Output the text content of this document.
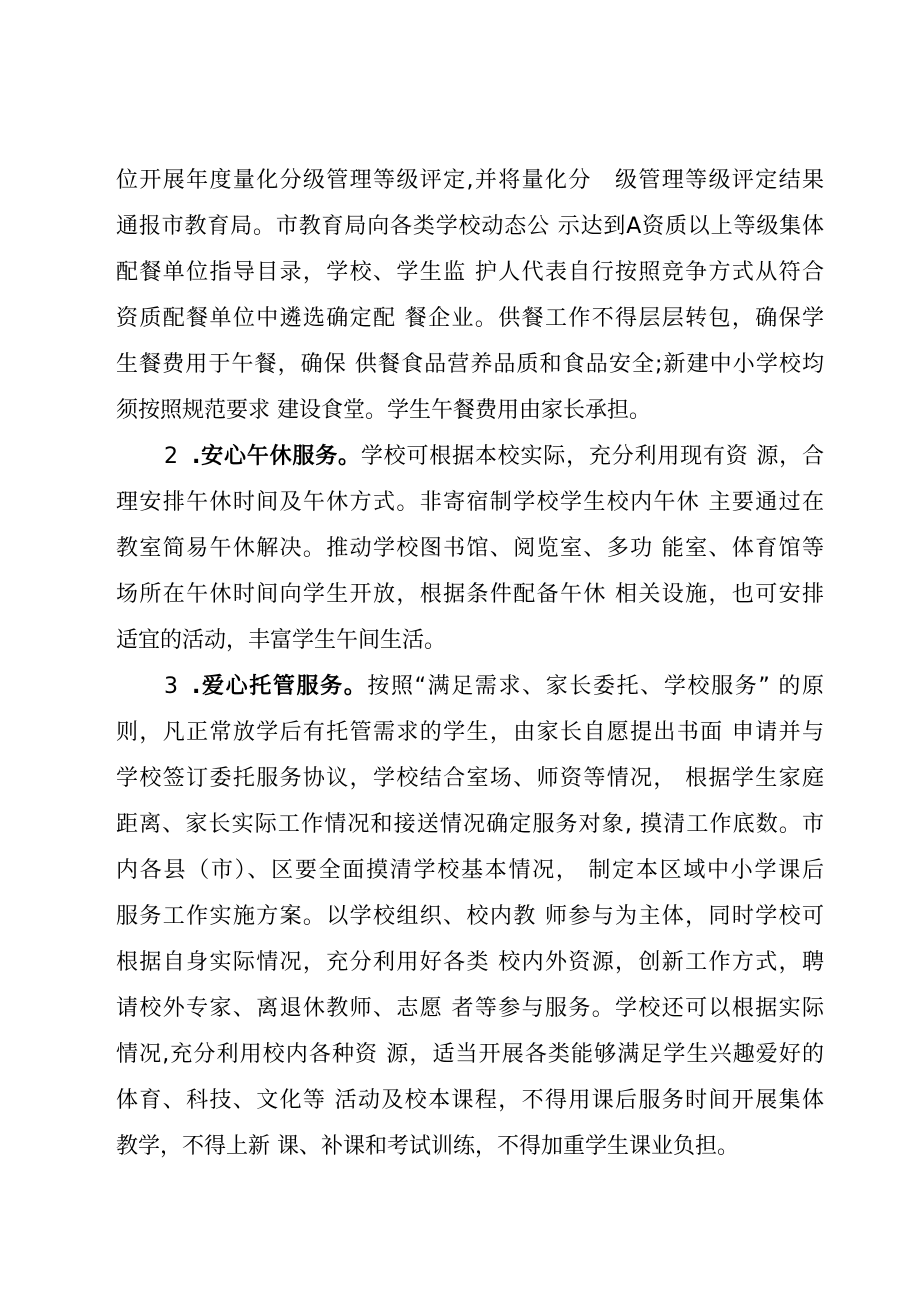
位开展年度量化分级管理等级评定,并将量化分　级管理等级评定结果
通报市教育局。市教育局向各类学校动态公 示达到A资质以上等级集体
配餐单位指导目录，学校、学生监 护人代表自行按照竞争方式从符合
资质配餐单位中遴选确定配 餐企业。供餐工作不得层层转包，确保学
生餐费用于午餐，确保 供餐食品营养品质和食品安全;新建中小学校均
须按照规范要求 建设食堂。学生午餐费用由家长承担。
2 .安心午休服务。学校可根据本校实际，充分利用现有资 源，合
理安排午休时间及午休方式。非寄宿制学校学生校内午休 主要通过在
教室简易午休解决。推动学校图书馆、阅览室、多功 能室、体育馆等
场所在午休时间向学生开放，根据条件配备午休 相关设施，也可安排
适宜的活动，丰富学生午间生活。
3 .爱心托管服务。按照“满足需求、家长委托、学校服务” 的原
则，凡正常放学后有托管需求的学生，由家长自愿提出书面 申请并与
学校签订委托服务协议，学校结合室场、师资等情况， 根据学生家庭
距离、家长实际工作情况和接送情况确定服务对象, 摸清工作底数。市
内各县（市）、区要全面摸清学校基本情况， 制定本区域中小学课后
服务工作实施方案。以学校组织、校内教 师参与为主体，同时学校可
根据自身实际情况，充分利用好各类 校内外资源，创新工作方式，聘
请校外专家、离退休教师、志愿 者等参与服务。学校还可以根据实际
情况,充分利用校内各种资 源，适当开展各类能够满足学生兴趣爱好的
体育、科技、文化等 活动及校本课程，不得用课后服务时间开展集体
教学，不得上新 课、补课和考试训练，不得加重学生课业负担。
